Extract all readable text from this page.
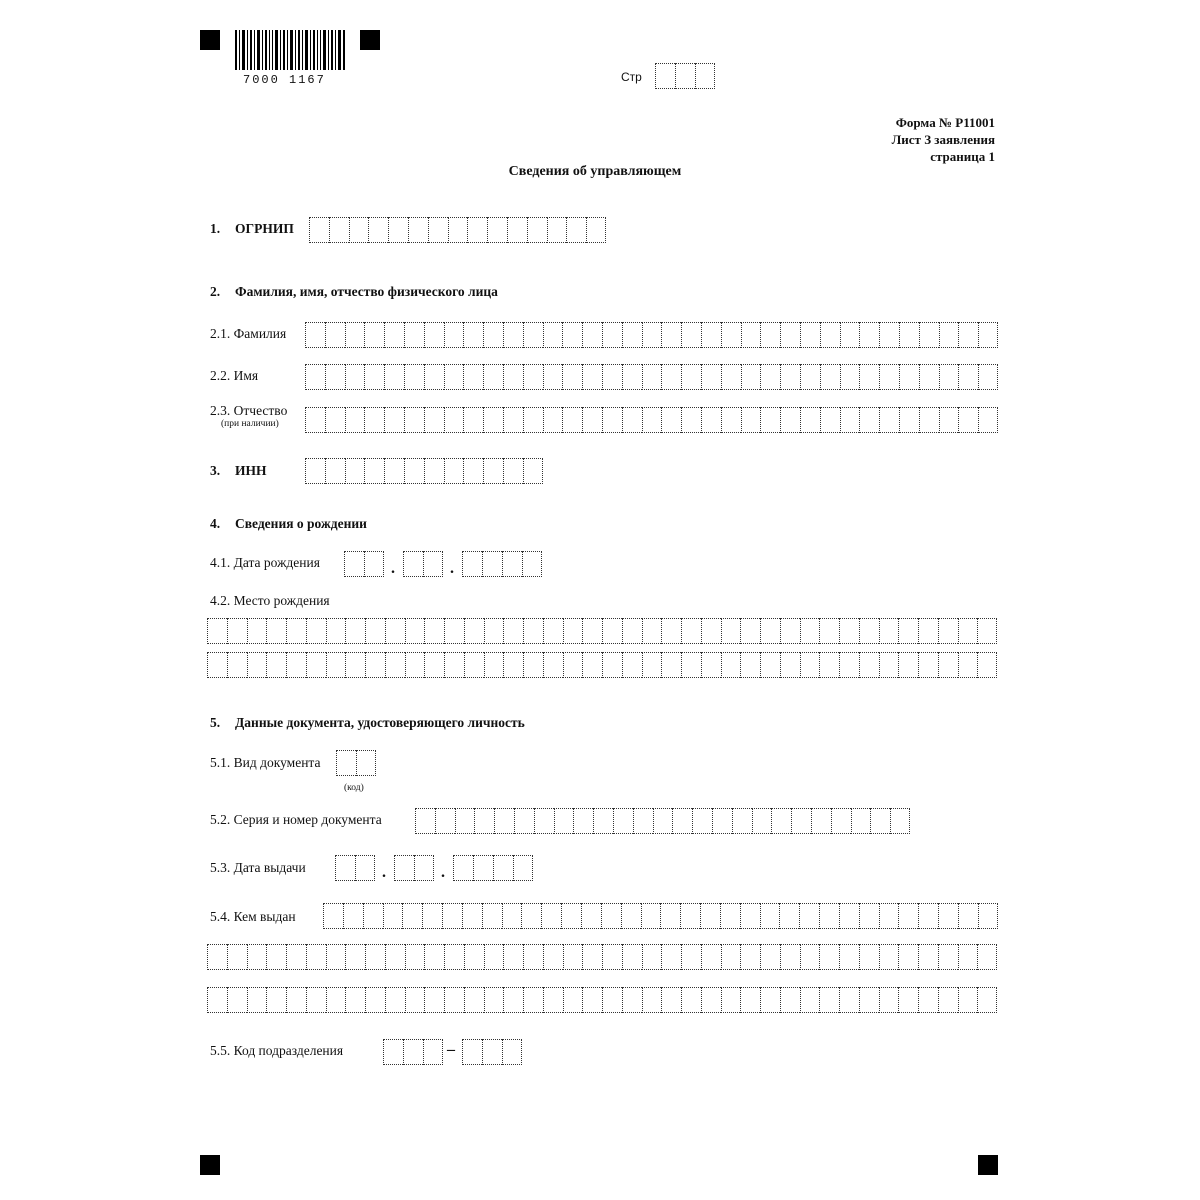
7000 1167	Стр
Форма № Р11001
Лист З заявления
страница 1
Сведения об управляющем
1. ОГРНИП
2. Фамилия, имя, отчество физического лица
2.1. Фамилия
2.2. Имя
2.3. Отчество
(при наличии)
3. ИНН
4. Сведения о рождении
4.1. Дата рождения	.	.
4.2. Место рождения
5. Данные документа, удостоверяющего личность
5.1. Вид документа
(код)
5.2. Серия и номер документа
5.3. Дата выдачи	.	.
5.4. Кем выдан
5.5. Код подразделения	–
